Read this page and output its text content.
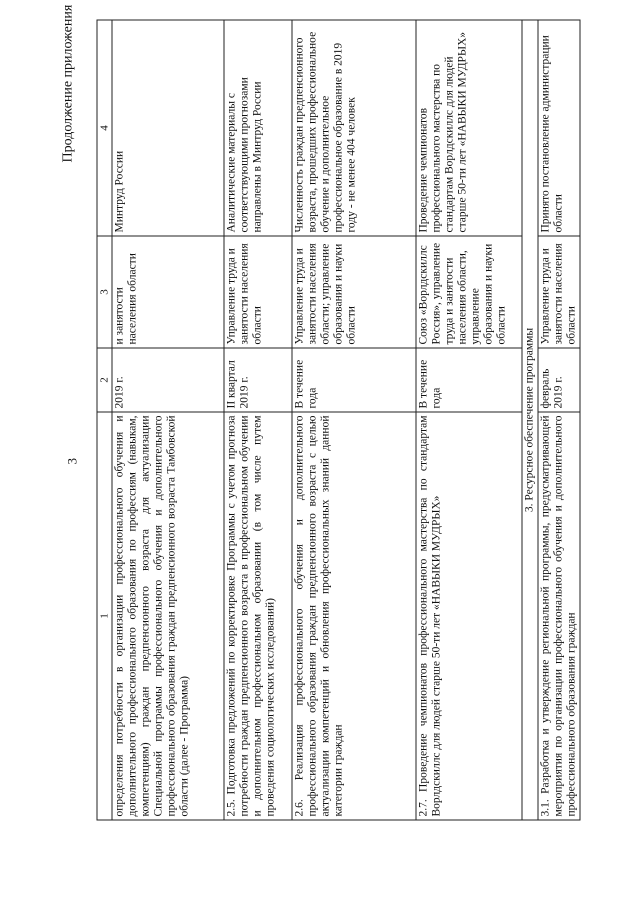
3
Продолжение приложения
1	2	3	4
определения потребности в организации профессионального обучения и дополнительного профессионального образования по профессиям (навыкам, компетенциям) граждан предпенсионного возраста для актуализации Специальной программы профессионального обучения и дополнительного профессионального образования граждан предпенсионного возраста Тамбовской области (далее - Программа)	2019 г.	и занятости населения области	Минтруд России
2.5. Подготовка предложений по корректировке Программы с учетом прогноза потребности граждан предпенсионного возраста в профессиональном обучении и дополнительном профессиональном образовании (в том числе путем проведения социологических исследований)	II квартал 2019 г.	Управление труда и занятости населения области	Аналитические материалы с соответствующими прогнозами направлены в Минтруд России
2.6. Реализация профессионального обучения и дополнительного профессионального образования граждан предпенсионного возраста с целью актуализации компетенций и обновления профессиональных знаний данной категории граждан	В течение года	Управление труда и занятости населения области; управление образования и науки области	Численность граждан предпенсионного возраста, прошедших профессиональное обучение и дополнительное профессиональное образование в 2019 году - не менее 404 человек
2.7. Проведение чемпионатов профессионального мастерства по стандартам Ворлдскиллс для людей старше 50-ти лет «НАВЫКИ МУДРЫХ»	В течение года	Союз «Ворлдскиллс Россия», управление труда и занятости населения области, управление образования и науки области	Проведение чемпионатов профессионального мастерства по стандартам Ворлдскиллс для людей старше 50-ти лет «НАВЫКИ МУДРЫХ»
3. Ресурсное обеспечение программы			
3.1. Разработка и утверждение региональной программы, предусматривающей мероприятия по организации профессионального обучения и дополнительного профессионального образования граждан	февраль 2019 г.	Управление труда и занятости населения области	Принято постановление администрации области
